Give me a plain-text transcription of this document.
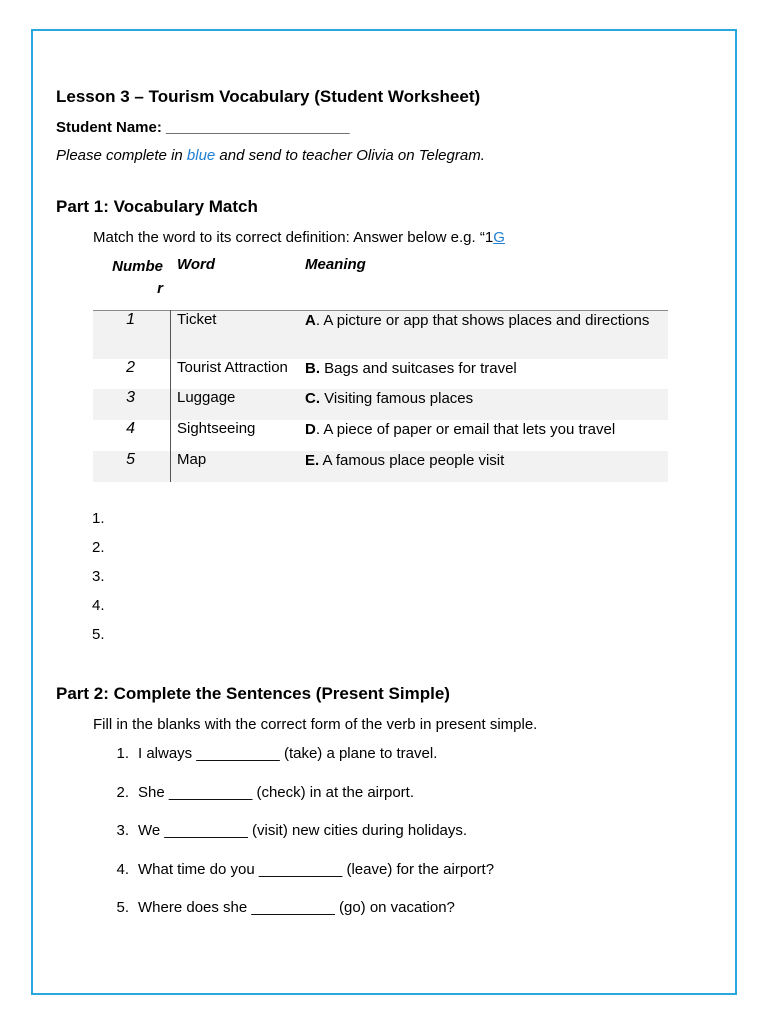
Lesson 3 – Tourism Vocabulary (Student Worksheet)
Student Name: ______________________
Please complete in blue and send to teacher Olivia on Telegram.
Part 1: Vocabulary Match
Match the word to its correct definition: Answer below e.g. “1G
Numbe
r
Word	Meaning
1	Ticket	A. A picture or app that shows places and directions
2	Tourist Attraction B. Bags and suitcases for travel
3	Luggage	C. Visiting famous places
4	Sightseeing	D. A piece of paper or email that lets you travel
5	Map	E. A famous place people visit
1.
2.
3.
4.
5.
Part 2: Complete the Sentences (Present Simple)
Fill in the blanks with the correct form of the verb in present simple.
1. I always __________ (take) a plane to travel.
2. She __________ (check) in at the airport.
3. We __________ (visit) new cities during holidays.
4. What time do you __________ (leave) for the airport?
5. Where does she __________ (go) on vacation?
